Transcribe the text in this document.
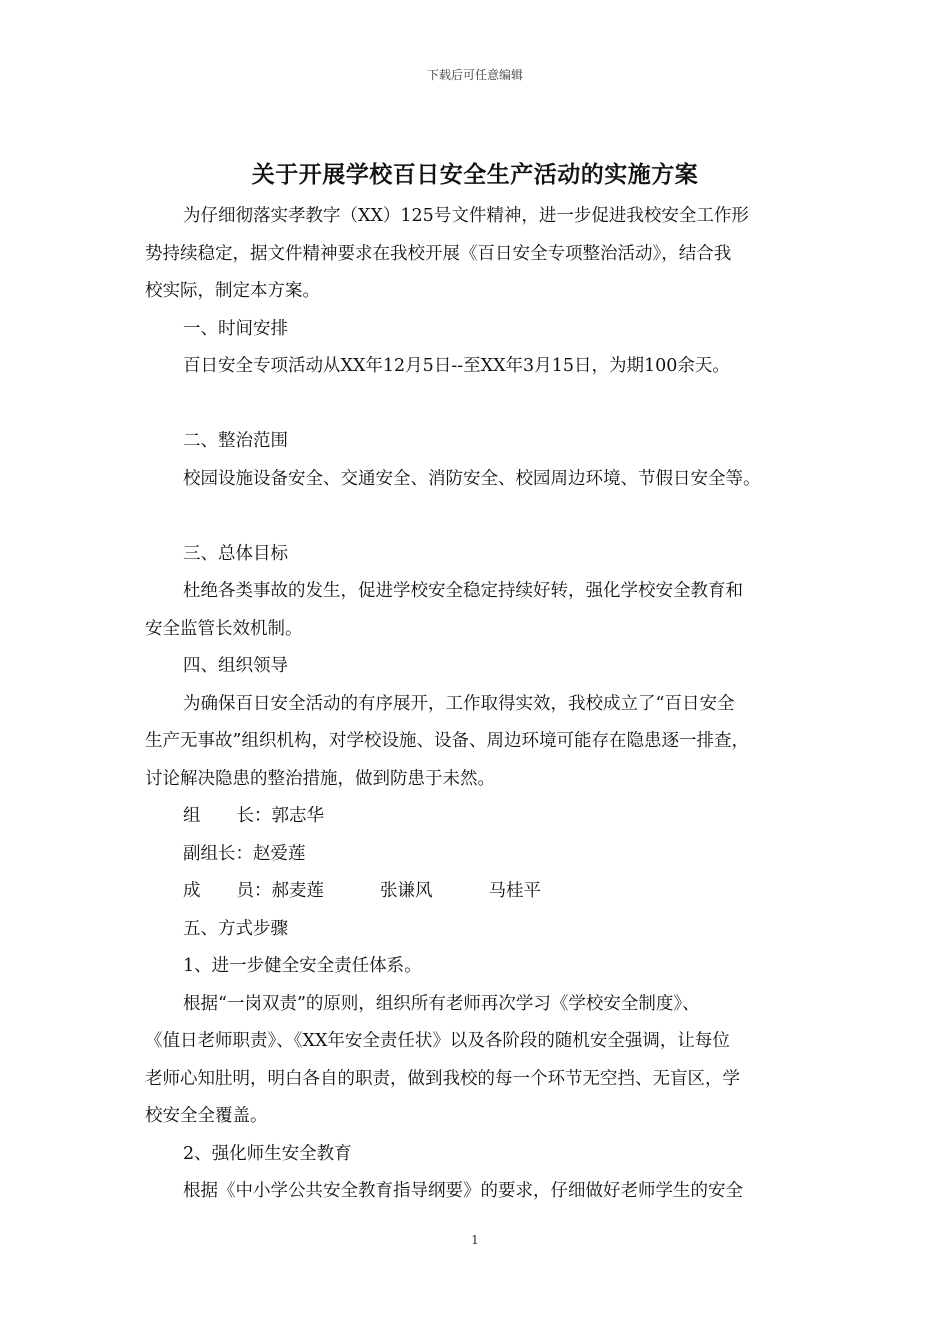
下载后可任意编辑
关于开展学校百日安全生产活动的实施方案
为仔细彻落实孝教字（XX）125号文件精神，进一步促进我校安全工作形
势持续稳定，据文件精神要求在我校开展《百日安全专项整治活动》，结合我
校实际，制定本方案。
一、时间安排
百日安全专项活动从XX年12月5日--至XX年3月15日，为期100余天。
二、整治范围
校园设施设备安全、交通安全、消防安全、校园周边环境、节假日安全等。
三、总体目标
杜绝各类事故的发生，促进学校安全稳定持续好转，强化学校安全教育和
安全监管长效机制。
四、组织领导
为确保百日安全活动的有序展开，工作取得实效，我校成立了“百日安全
生产无事故”组织机构，对学校设施、设备、周边环境可能存在隐患逐一排查，
讨论解决隐患的整治措施，做到防患于未然。
组 长：郭志华
副组长：赵爱莲
成 员：郝麦莲	张谦风	马桂平
五、方式步骤
1、进一步健全安全责任体系。
根据“一岗双责”的原则，组织所有老师再次学习《学校安全制度》、
《值日老师职责》、《XX年安全责任状》以及各阶段的随机安全强调，让每位
老师心知肚明，明白各自的职责，做到我校的每一个环节无空挡、无盲区，学
校安全全覆盖。
2、强化师生安全教育
根据《中小学公共安全教育指导纲要》的要求，仔细做好老师学生的安全
1
